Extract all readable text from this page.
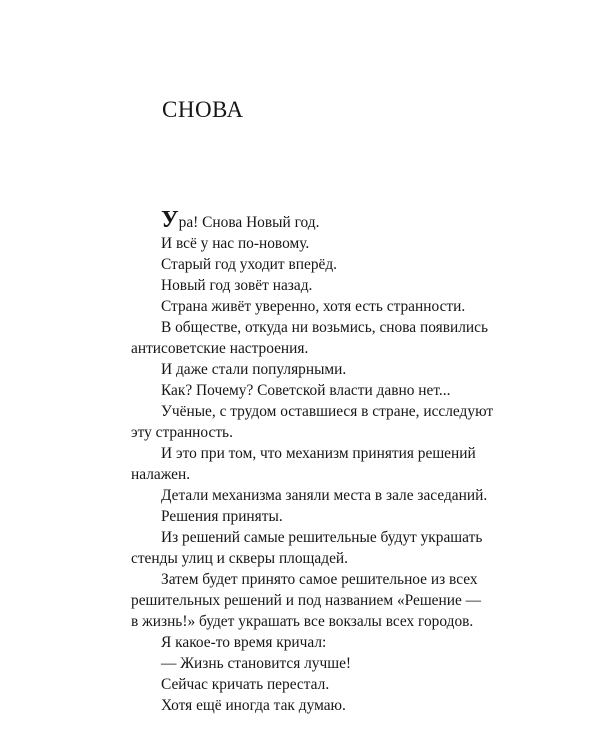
СНОВА

Ура! Снова Новый год.

И всё у нас по-новому.

Старый год уходит вперёд.

Новый год зовёт назад.

Страна живёт уверенно, хотя есть странности.

В обществе, откуда ни возьмись, снова появились

антисоветские настроения.

И даже стали популярными.

Как? Почему? Советской власти давно нет...

Учёные, с трудом оставшиеся в стране, исследуют

эту странность.

И это при том, что механизм принятия решений

налажен.

Детали механизма заняли места в зале заседаний.

Решения приняты.

Из решений самые решительные будут украшать

стенды улиц и скверы площадей.

Затем будет принято самое решительное из всех

решительных решений и под названием «Решение —

в жизнь!» будет украшать все вокзалы всех городов.

Я какое-то время кричал:

— Жизнь становится лучше!

Сейчас кричать перестал.

Хотя ещё иногда так думаю.
